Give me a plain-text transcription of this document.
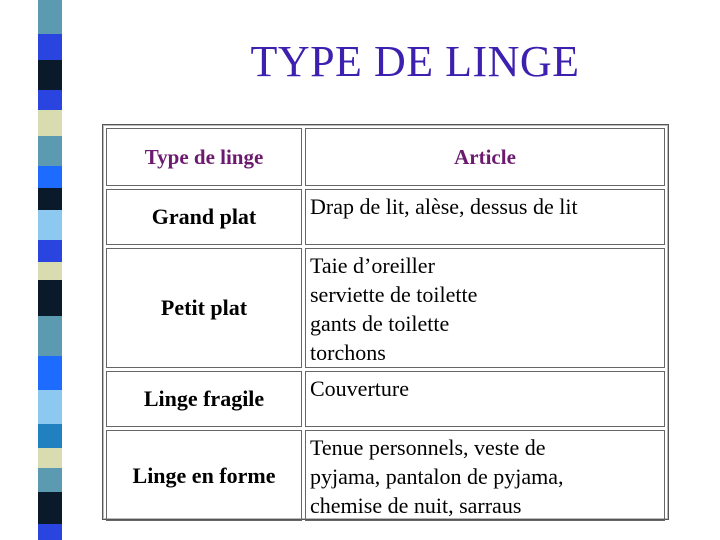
TYPE DE LINGE
Type de linge	Article
Grand plat	Drap de lit, alèse, dessus de lit

Petit plat	Taie d’oreiller
serviette de toilette
gants de toilette
torchons

Linge fragile	Couverture

Linge en forme	Tenue personnels, veste de
pyjama, pantalon de pyjama,
chemise de nuit, sarraus
